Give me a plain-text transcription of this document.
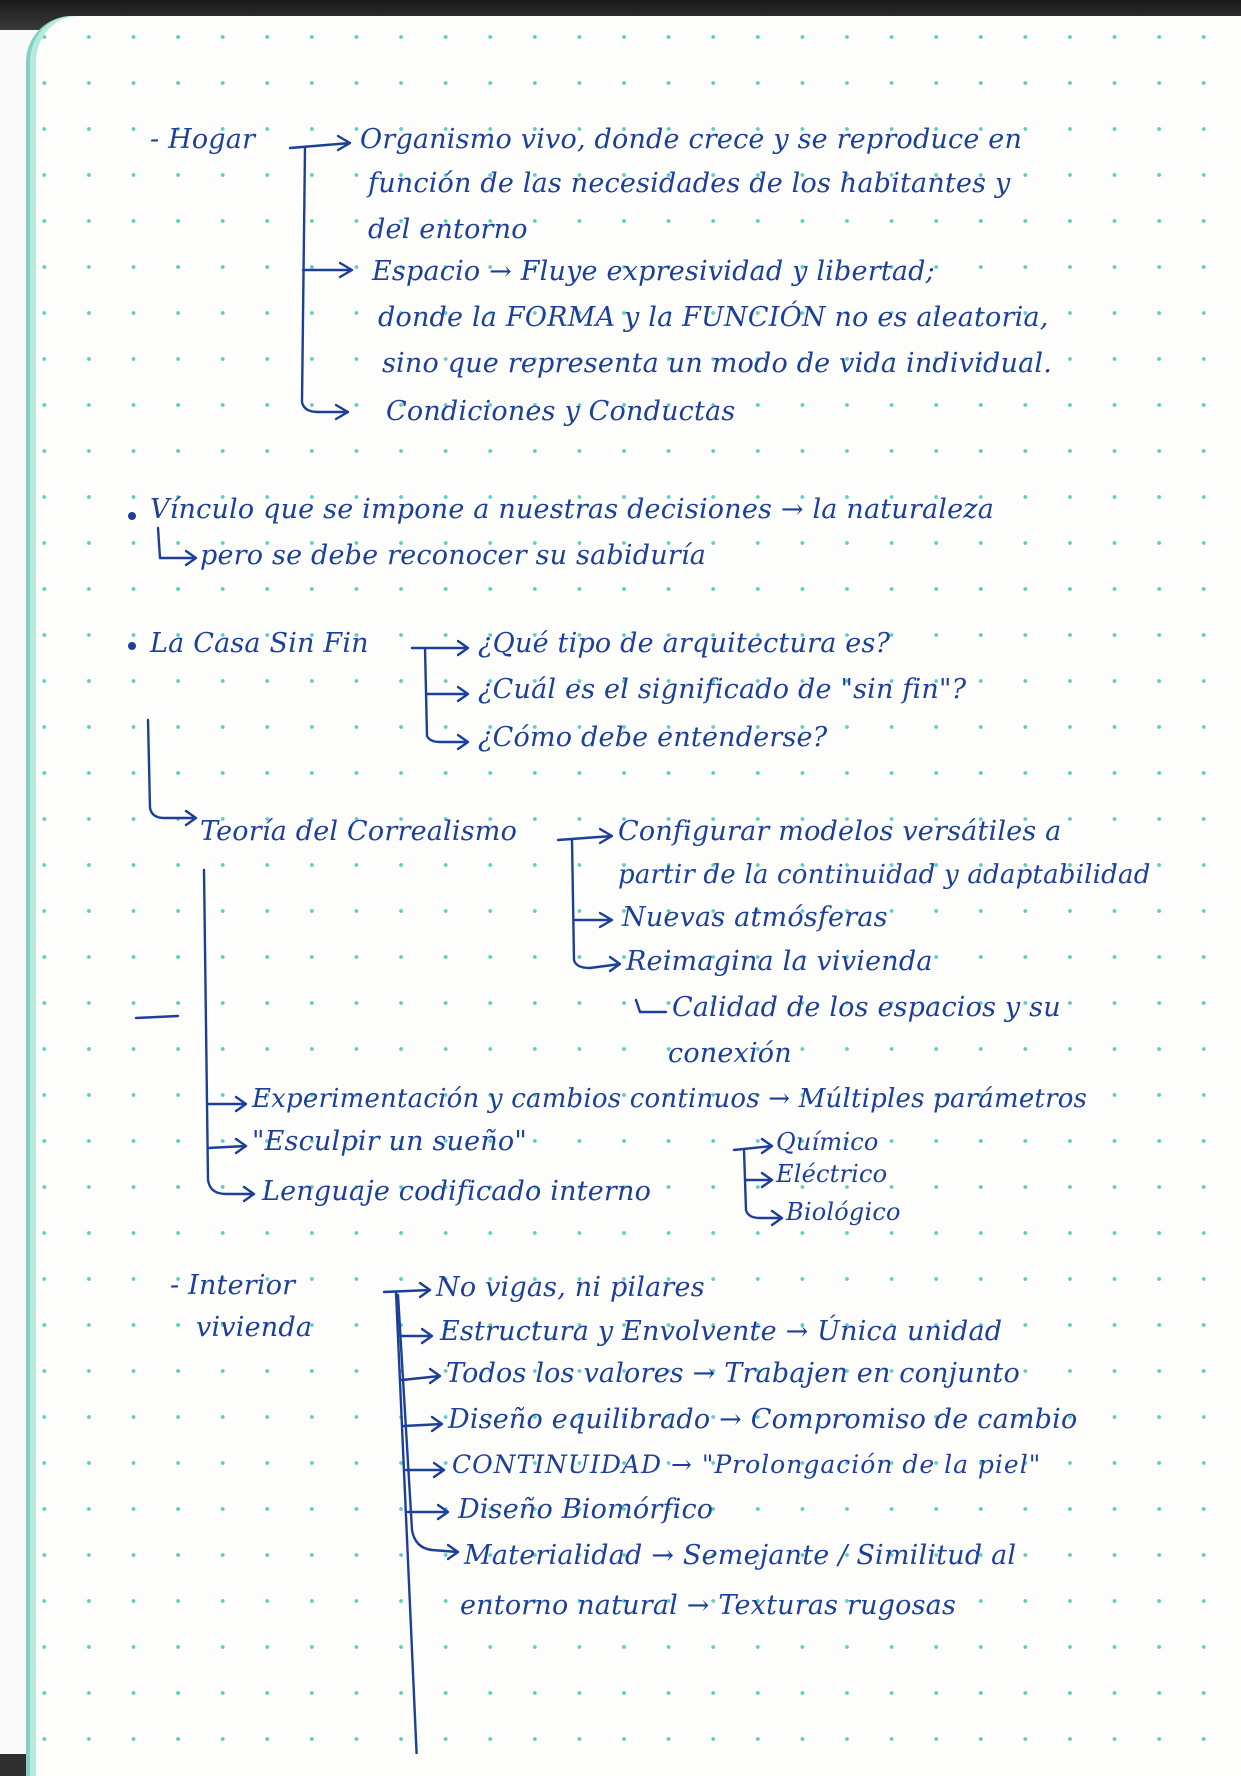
- Hogar	Organismo vivo, donde crece y se reproduce en
función de las necesidades de los habitantes y
del entorno
Espacio → Fluye expresividad y libertad;
donde la FORMA y la FUNCIÓN no es aleatoria,
sino que representa un modo de vida individual.
Condiciones y Conductas
Vínculo que se impone a nuestras decisiones → la naturaleza
pero se debe reconocer su sabiduría
La Casa Sin Fin	¿Qué tipo de arquitectura es?
¿Cuál es el significado de "sin fin"?
¿Cómo debe entenderse?
Teoría del Correalismo	Configurar modelos versátiles a
partir de la continuidad y adaptabilidad
Nuevas atmósferas
Reimagina la vivienda
Calidad de los espacios y su
conexión
Experimentación y cambios continuos → Múltiples parámetros
"Esculpir un sueño"
Lenguaje codificado interno
Químico
Eléctrico
Biológico
- Interior
vivienda
No vigas, ni pilares
Estructura y Envolvente → Única unidad
Todos los valores → Trabajen en conjunto
Diseño equilibrado → Compromiso de cambio
CONTINUIDAD → "Prolongación de la piel"
Diseño Biomórfico
Materialidad → Semejante / Similitud al
entorno natural → Texturas rugosas
